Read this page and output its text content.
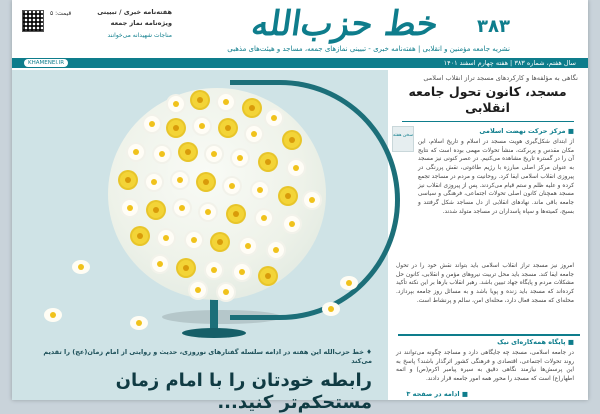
خط حزب‌الله ۳۸۳
نشریه جامعه مؤمنین و انقلابی | هفته‌نامه خبری - تبیینی نمازهای جمعه، مساجد و هیئت‌های مذهبی
قیمت: ۵	هفته‌نامه خبری / تبیینی
ویژه‌نامه نماز جمعه
مناجات شهیدانه می‌خوانند
سال هفتم، شماره ۳۸۳ | هفته چهارم اسفند ۱۴۰۱
KHAMENEI.IR
نگاهی به مؤلفه‌ها و کارکردهای مسجد تراز انقلاب اسلامی
مسجد، کانون تحول جامعه انقلابی
سخن هفته
■ مرکز حرکت نهضت اسلامی
از ابتدای شکل‌گیری هویت مسجد در اسلام و تاریخ اسلام، این مکان مقدس و پربرکت، منشأ تحولات مهمی بوده است که نتایج آن را در گستره تاریخ مشاهده می‌کنیم. در عصر کنونی نیز مسجد به عنوان مرکز اصلی مبارزه با رژیم طاغوتی، نقش پررنگی در پیروزی انقلاب اسلامی ایفا کرد. روحانیت و مردم در مساجد تجمع کرده و علیه ظلم و ستم قیام می‌کردند. پس از پیروزی انقلاب نیز مسجد همچنان کانون اصلی تحولات اجتماعی، فرهنگی و سیاسی جامعه باقی ماند. نهادهای انقلابی از دل مساجد شکل گرفتند و بسیج، کمیته‌ها و سپاه پاسداران در مساجد متولد شدند.
امروز نیز مسجد تراز انقلاب اسلامی باید بتواند نقش خود را در تحول جامعه ایفا کند. مسجد باید محل تربیت نیروهای مؤمن و انقلابی، کانون حل مشکلات مردم و پایگاه جهاد تبیین باشد. رهبر انقلاب بارها بر این نکته تأکید کرده‌اند که مسجد باید زنده و پویا باشد و به مسائل روز جامعه بپردازد. محله‌ای که مسجد فعال دارد، محله‌ای امن، سالم و پرنشاط است.
■ پایگاه همه‌کاره‌ای نیک
در جامعه اسلامی، مسجد چه جایگاهی دارد و مساجد چگونه می‌توانند در روند تحولات اجتماعی، اقتصادی و فرهنگی کشور اثرگذار باشند؟ پاسخ به این پرسش‌ها نیازمند نگاهی دقیق به سیره پیامبر اکرم(ص) و ائمه اطهار(ع) است که مسجد را محور همه امور جامعه قرار دادند.
■ ادامه در صفحه ۳
♦ خط حزب‌الله این هفته در ادامه سلسله گفتارهای نوروزی، حدیث و روایتی از امام زمان(عج) را تقدیم می‌کند
رابطه خودتان را با امام زمان مستحکم‌تر کنید...
